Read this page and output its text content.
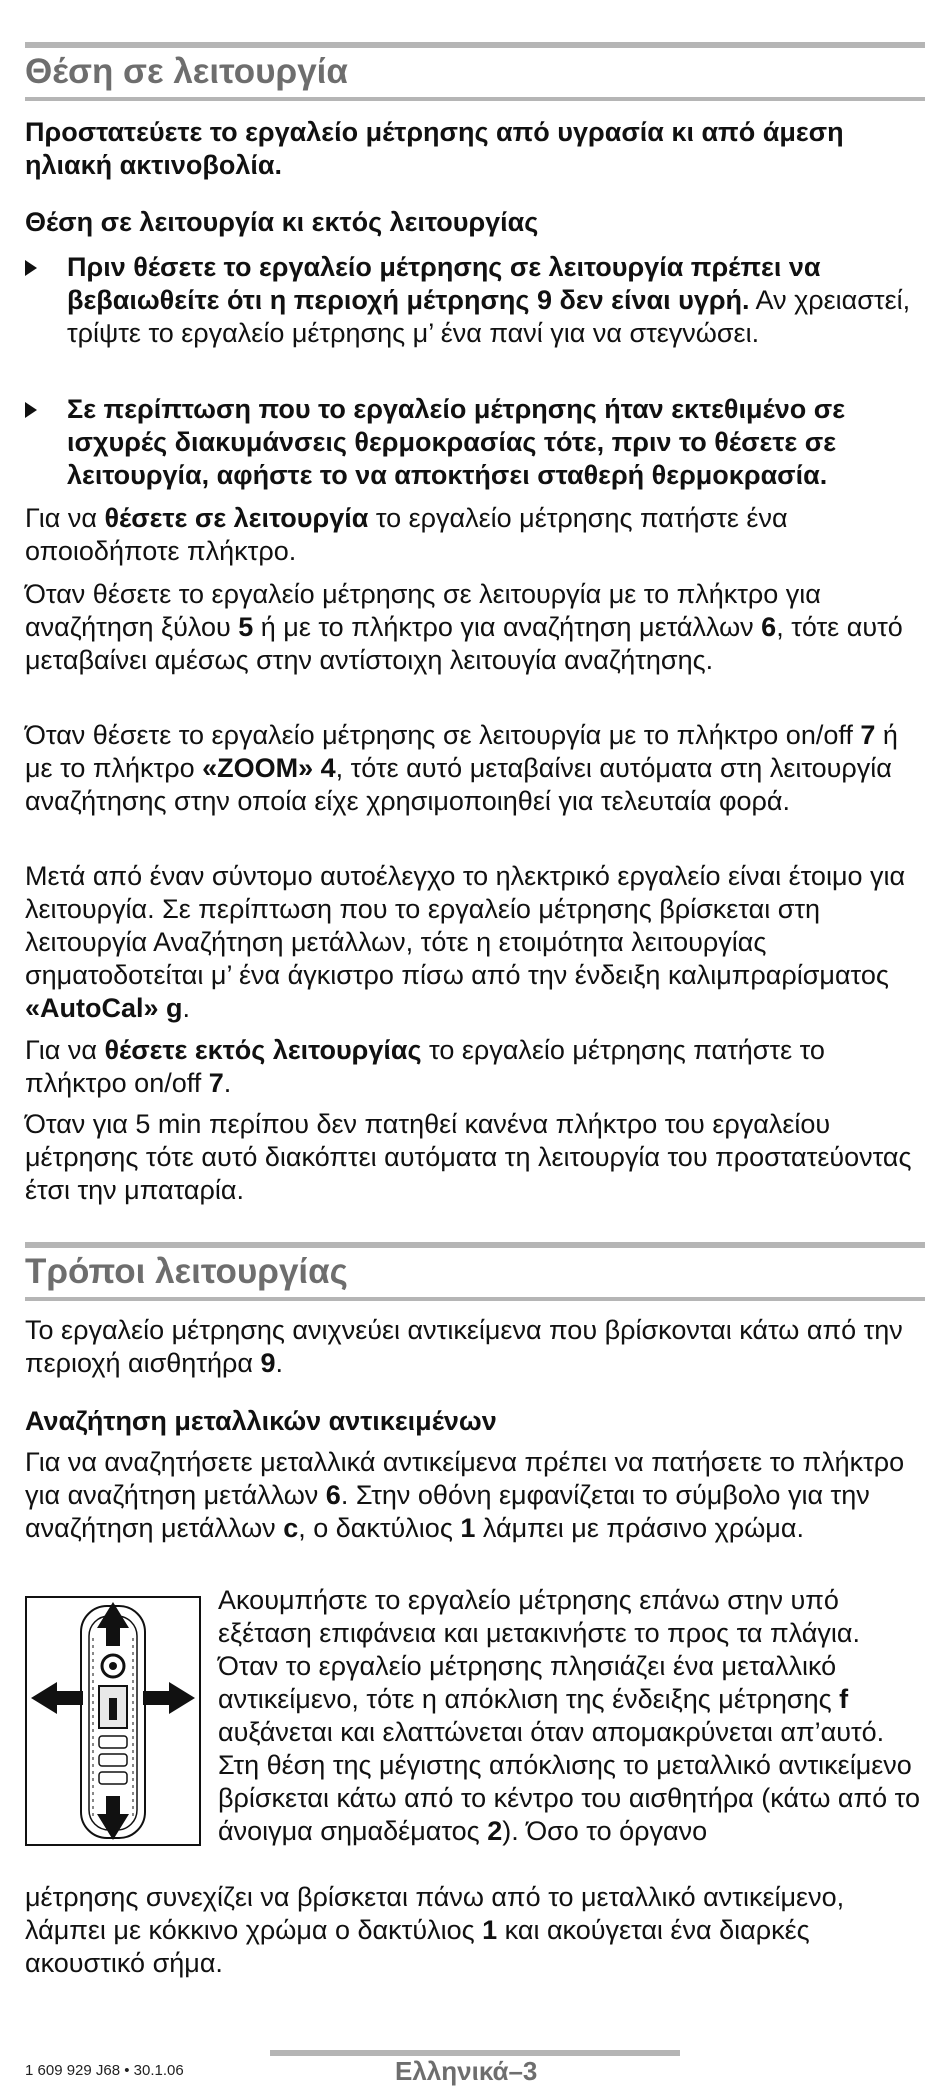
Θέση σε λειτουργία
Προστατεύετε το εργαλείο μέτρησης από υγρασία κι από άμεση ηλιακή ακτινοβολία.
Θέση σε λειτουργία κι εκτός λειτουργίας
Πριν θέσετε το εργαλείο μέτρησης σε λειτουργία πρέπει να βεβαιωθείτε ότι η περιοχή μέτρησης 9 δεν είναι υγρή. Αν χρειαστεί, τρίψτε το εργαλείο μέτρησης μ’ ένα πανί για να στεγνώσει.
Σε περίπτωση που το εργαλείο μέτρησης ήταν εκτεθιμένο σε ισχυρές διακυμάνσεις θερμοκρασίας τότε, πριν το θέσετε σε λειτουργία, αφήστε το να αποκτήσει σταθερή θερμοκρασία.
Για να θέσετε σε λειτουργία το εργαλείο μέτρησης πατήστε ένα οποιοδήποτε πλήκτρο.
Όταν θέσετε το εργαλείο μέτρησης σε λειτουργία με το πλήκτρο για αναζήτηση ξύλου 5 ή με το πλήκτρο για αναζήτηση μετάλλων 6, τότε αυτό μεταβαίνει αμέσως στην αντίστοιχη λειτουγία αναζήτησης.
Όταν θέσετε το εργαλείο μέτρησης σε λειτουργία με το πλήκτρο on/off 7 ή με το πλήκτρο «ZOOM» 4, τότε αυτό μεταβαίνει αυτόματα στη λειτουργία αναζήτησης στην οποία είχε χρησιμοποιηθεί για τελευταία φορά.
Μετά από έναν σύντομο αυτοέλεγχο το ηλεκτρικό εργαλείο είναι έτοιμο για λειτουργία. Σε περίπτωση που το εργαλείο μέτρησης βρίσκεται στη λειτουργία Αναζήτηση μετάλλων, τότε η ετοιμότητα λειτουργίας σηματοδοτείται μ’ ένα άγκιστρο πίσω από την ένδειξη καλιμπραρίσματος «AutoCal» g.
Για να θέσετε εκτός λειτουργίας το εργαλείο μέτρησης πατήστε το πλήκτρο on/off 7.
Όταν για 5 min περίπου δεν πατηθεί κανένα πλήκτρο του εργαλείου μέτρησης τότε αυτό διακόπτει αυτόματα τη λειτουργία του προστατεύοντας έτσι την μπαταρία.
Τρόποι λειτουργίας
Το εργαλείο μέτρησης ανιχνεύει αντικείμενα που βρίσκονται κάτω από την περιοχή αισθητήρα 9.
Αναζήτηση μεταλλικών αντικειμένων
Για να αναζητήσετε μεταλλικά αντικείμενα πρέπει να πατήσετε το πλήκτρο για αναζήτηση μετάλλων 6. Στην οθόνη εμφανίζεται το σύμβολο για την αναζήτηση μετάλλων c, ο δακτύλιος 1 λάμπει με πράσινο χρώμα.
Ακουμπήστε το εργαλείο μέτρησης επάνω στην υπό εξέταση επιφάνεια και μετακινήστε το προς τα πλάγια. Όταν το εργαλείο μέτρησης πλησιάζει ένα μεταλλικό αντικείμενο, τότε η απόκλιση της ένδειξης μέτρησης f αυξάνεται και ελαττώνεται όταν απομακρύνεται απ’αυτό. Στη θέση της μέγιστης απόκλισης το μεταλλικό αντικείμενο βρίσκεται κάτω από το κέντρο του αισθητήρα (κάτω από το άνοιγμα σημαδέματος 2). Όσο το όργανο
μέτρησης συνεχίζει να βρίσκεται πάνω από το μεταλλικό αντικείμενο, λάμπει με κόκκινο χρώμα ο δακτύλιος 1 και ακούγεται ένα διαρκές ακουστικό σήμα.
1 609 929 J68 • 30.1.06	Ελληνικά–3
